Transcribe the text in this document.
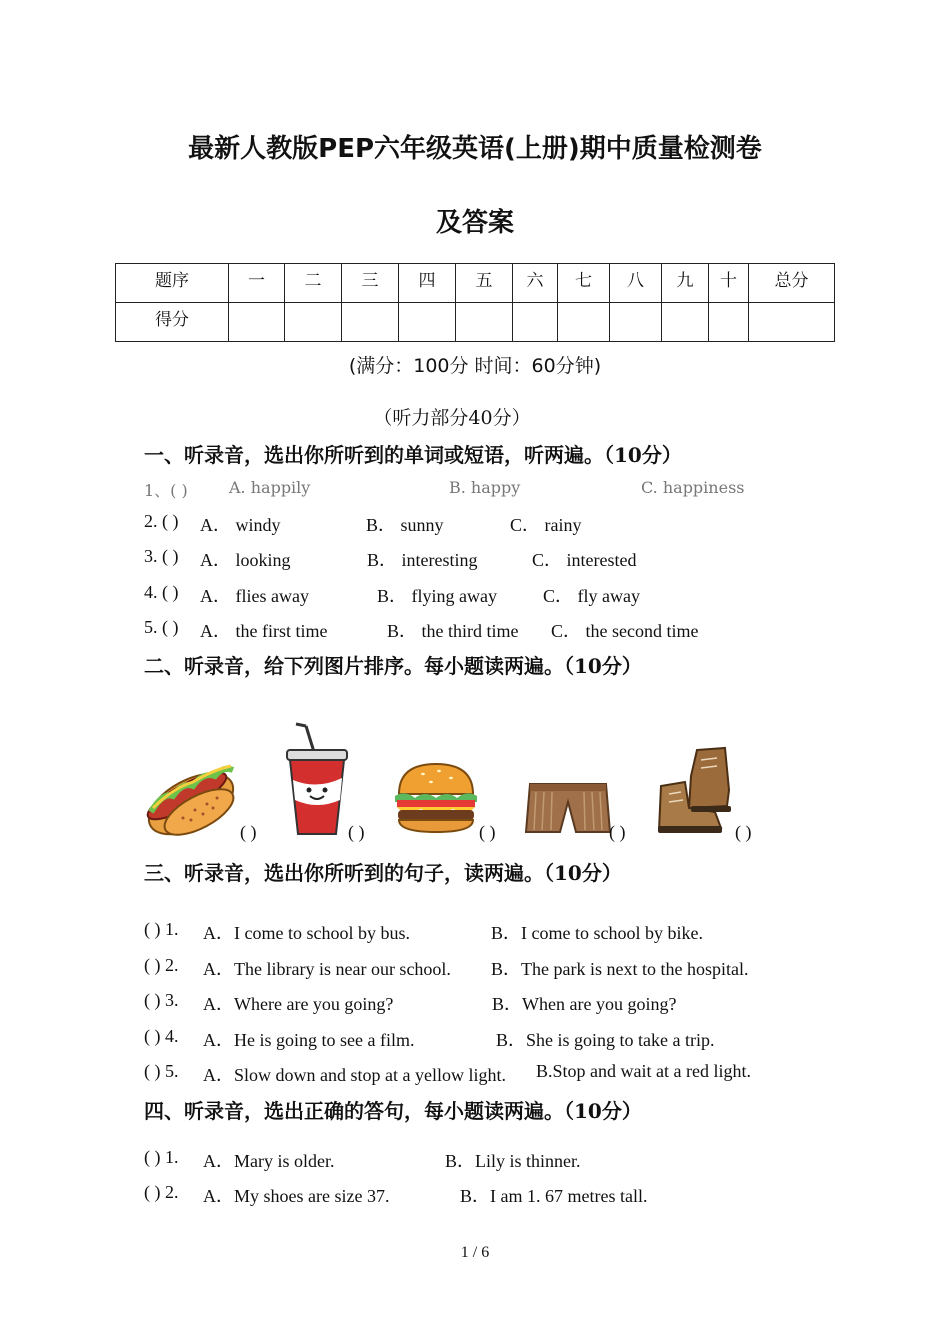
最新人教版PEP六年级英语(上册)期中质量检测卷
及答案
题序	一	二	三	四	五	六	七	八	九	十	总分
得分											
(满分：100分 时间：60分钟)
（听力部分40分）
一、听录音，选出你所听到的单词或短语，听两遍。（10分）
1、( )	A. happily	B. happy	C. happiness
2. ( ) A． windy	B． sunny	C． rainy
3. ( ) A． looking	B． interesting	C． interested
4. ( ) A． flies away	B． flying away	C． fly away
5. ( ) A． the first time	B． the third time C． the second time
二、听录音，给下列图片排序。每小题读两遍。（10分）
( )	( )	( )	( )	( )
三、听录音，选出你所听到的句子，读两遍。（10分）
( ) 1. A．I come to school by bus.	B．I come to school by bike.
( ) 2. A．The library is near our school. B．The park is next to the hospital.
( ) 3. A．Where are you going?	B．When are you going?
( ) 4. A．He is going to see a film.	B．She is going to take a trip.
( ) 5. A．Slow down and stop at a yellow light. B.Stop and wait at a red light.
四、听录音，选出正确的答句，每小题读两遍。（10分）
( ) 1. A．Mary is older.	B．Lily is thinner.
( ) 2. A．My shoes are size 37.	B．I am 1. 67 metres tall.
1 / 6
